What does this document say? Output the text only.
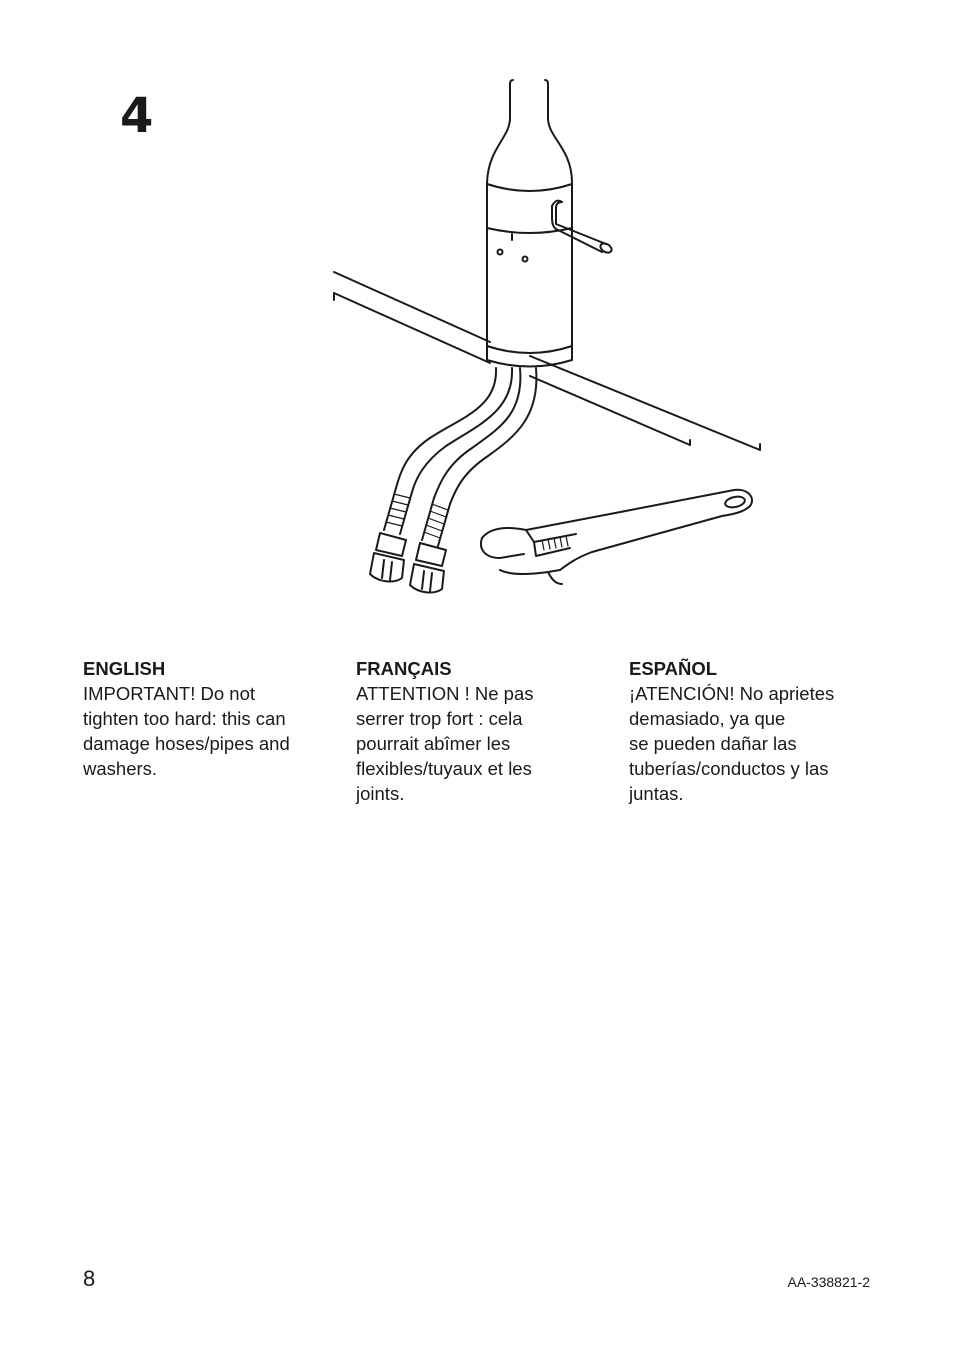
4
ENGLISH
IMPORTANT! Do not
tighten too hard: this can
damage hoses/pipes and
washers.
FRANÇAIS
ATTENTION ! Ne pas
serrer trop fort : cela
pourrait abîmer les
flexibles/tuyaux et les
joints.
ESPAÑOL
¡ATENCIÓN! No aprietes
demasiado, ya que
se pueden dañar las
tuberías/conductos y las
juntas.
8	AA-338821-2
